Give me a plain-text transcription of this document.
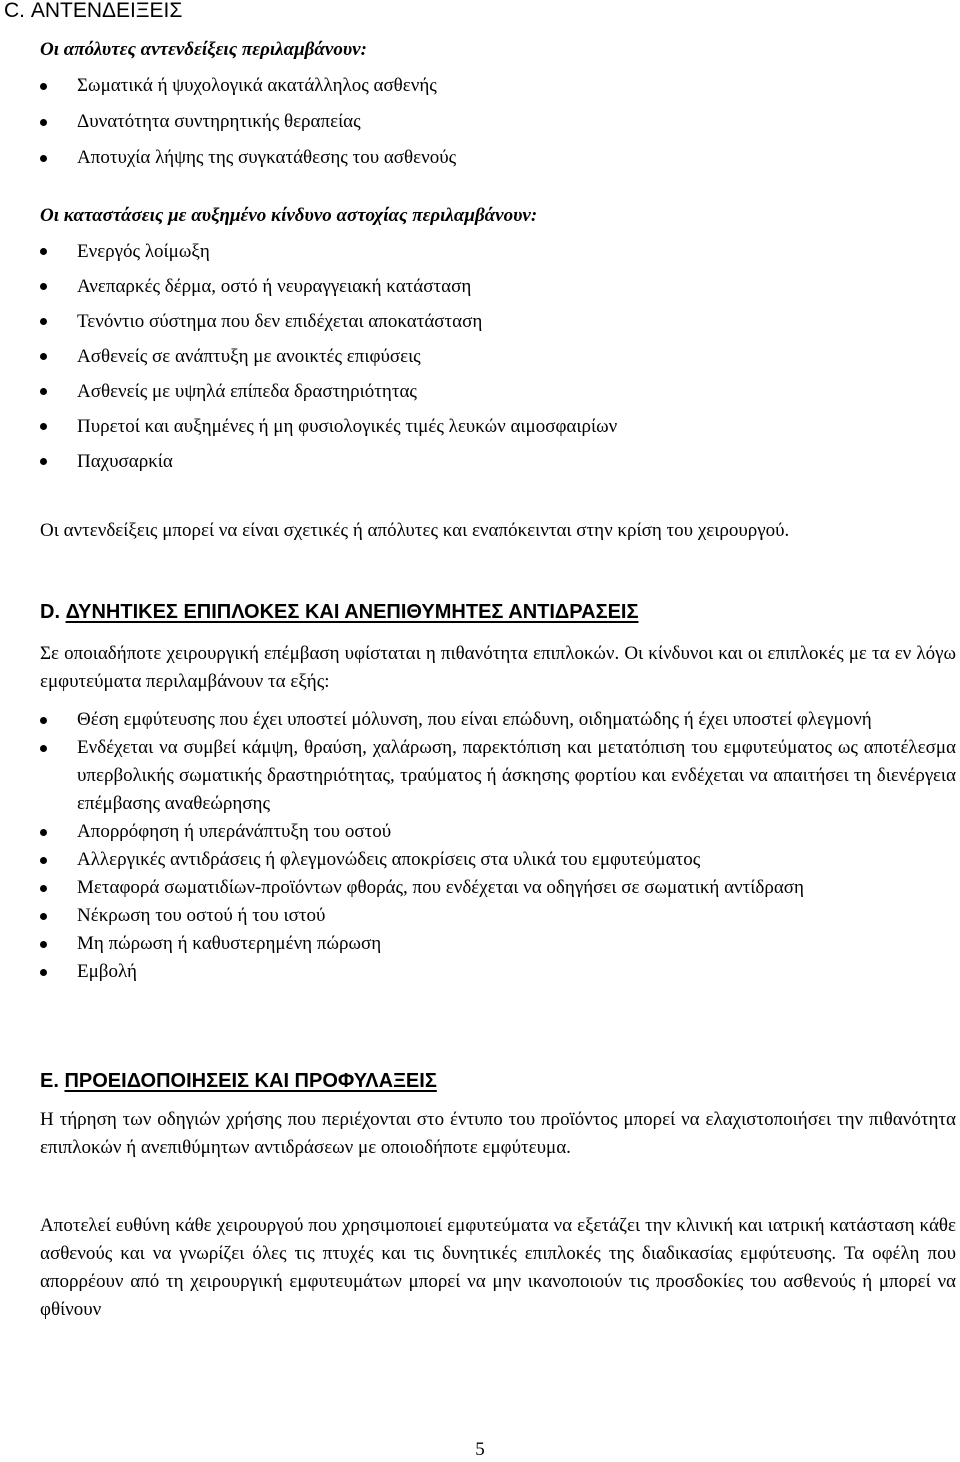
C. ΑΝΤΕΝΔΕΙΞΕΙΣ
Οι απόλυτες αντενδείξεις περιλαμβάνουν:
Σωματικά ή ψυχολογικά ακατάλληλος ασθενής
Δυνατότητα συντηρητικής θεραπείας
Αποτυχία λήψης της συγκατάθεσης του ασθενούς
Οι καταστάσεις με αυξημένο κίνδυνο αστοχίας περιλαμβάνουν:
Ενεργός λοίμωξη
Ανεπαρκές δέρμα, οστό ή νευραγγειακή κατάσταση
Τενόντιο σύστημα που δεν επιδέχεται αποκατάσταση
Ασθενείς σε ανάπτυξη με ανοικτές επιφύσεις
Ασθενείς με υψηλά επίπεδα δραστηριότητας
Πυρετοί και αυξημένες ή μη φυσιολογικές τιμές λευκών αιμοσφαιρίων
Παχυσαρκία

Οι αντενδείξεις μπορεί να είναι σχετικές ή απόλυτες και εναπόκεινται στην κρίση του χειρουργού.

D. ΔΥΝΗΤΙΚΕΣ ΕΠΙΠΛΟΚΕΣ ΚΑΙ ΑΝΕΠΙΘΥΜΗΤΕΣ ΑΝΤΙΔΡΑΣΕΙΣ

Σε οποιαδήποτε χειρουργική επέμβαση υφίσταται η πιθανότητα επιπλοκών. Οι κίνδυνοι και οι επιπλοκές με τα εν λόγω εμφυτεύματα περιλαμβάνουν τα εξής:

Θέση εμφύτευσης που έχει υποστεί μόλυνση, που είναι επώδυνη, οιδηματώδης ή έχει υποστεί φλεγμονή
Ενδέχεται να συμβεί κάμψη, θραύση, χαλάρωση, παρεκτόπιση και μετατόπιση του εμφυτεύματος ως αποτέλεσμα υπερβολικής σωματικής δραστηριότητας, τραύματος ή άσκησης φορτίου και ενδέχεται να απαιτήσει τη διενέργεια επέμβασης αναθεώρησης
Απορρόφηση ή υπεράνάπτυξη του οστού
Αλλεργικές αντιδράσεις ή φλεγμονώδεις αποκρίσεις στα υλικά του εμφυτεύματος
Μεταφορά σωματιδίων-προϊόντων φθοράς, που ενδέχεται να οδηγήσει σε σωματική αντίδραση
Νέκρωση του οστού ή του ιστού
Μη πώρωση ή καθυστερημένη πώρωση
Εμβολή
E. ΠΡΟΕΙΔΟΠΟΙΗΣΕΙΣ ΚΑΙ ΠΡΟΦΥΛΑΞΕΙΣ

Η τήρηση των οδηγιών χρήσης που περιέχονται στο έντυπο του προϊόντος μπορεί να ελαχιστοποιήσει την πιθανότητα επιπλοκών ή ανεπιθύμητων αντιδράσεων με οποιοδήποτε εμφύτευμα.

Αποτελεί ευθύνη κάθε χειρουργού που χρησιμοποιεί εμφυτεύματα να εξετάζει την κλινική και ιατρική κατάσταση κάθε ασθενούς και να γνωρίζει όλες τις πτυχές και τις δυνητικές επιπλοκές της διαδικασίας εμφύτευσης. Τα οφέλη που απορρέουν από τη χειρουργική εμφυτευμάτων μπορεί να μην ικανοποιούν τις προσδοκίες του ασθενούς ή μπορεί να φθίνουν

5
